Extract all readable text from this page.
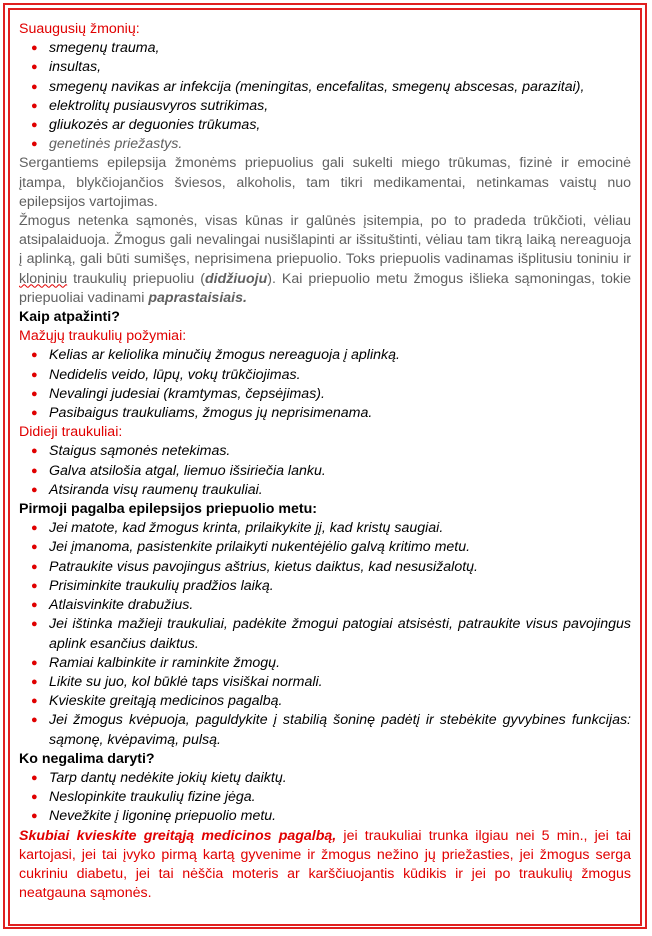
Suaugusių žmonių:

● smegenų trauma,
● insultas,
● smegenų navikas ar infekcija (meningitas, encefalitas, smegenų abscesas, parazitai),
● elektrolitų pusiausvyros sutrikimas,
● gliukozės ar deguonies trūkumas,
● genetinės priežastys.

Sergantiems epilepsija žmonėms priepuolius gali sukelti miego trūkumas, fizinė ir emocinė įtampa, blykčiojančios šviesos, alkoholis, tam tikri medikamentai, netinkamas vaistų nuo epilepsijos vartojimas.

Žmogus netenka sąmonės, visas kūnas ir galūnės įsitempia, po to pradeda trūkčioti, vėliau atsipalaiduoja. Žmogus gali nevalingai nusišlapinti ar išsituštinti, vėliau tam tikrą laiką nereaguoja į aplinką, gali būti sumišęs, neprisimena priepuolio. Toks priepuolis vadinamas išplitusiu toniniu ir kloniniu traukulių priepuoliu (didžiuoju). Kai priepuolio metu žmogus išlieka sąmoningas, tokie priepuoliai vadinami paprastaisiais.

Kaip atpažinti?

Mažųjų traukulių požymiai:

● Kelias ar keliolika minučių žmogus nereaguoja į aplinką.
● Nedidelis veido, lūpų, vokų trūkčiojimas.
● Nevalingi judesiai (kramtymas, čepsėjimas).
● Pasibaigus traukuliams, žmogus jų neprisimenama.

Didieji traukuliai:

● Staigus sąmonės netekimas.
● Galva atsilošia atgal, liemuo išsiriečia lanku.
● Atsiranda visų raumenų traukuliai.

Pirmoji pagalba epilepsijos priepuolio metu:

● Jei matote, kad žmogus krinta, prilaikykite jį, kad kristų saugiai.
● Jei įmanoma, pasistenkite prilaikyti nukentėjėlio galvą kritimo metu.
● Patraukite visus pavojingus aštrius, kietus daiktus, kad nesusižalotų.
● Prisiminkite traukulių pradžios laiką.
● Atlaisvinkite drabužius.
● Jei ištinka mažieji traukuliai, padėkite žmogui patogiai atsisėsti, patraukite visus pavojingus aplink esančius daiktus.
● Ramiai kalbinkite ir raminkite žmogų.
● Likite su juo, kol būklė taps visiškai normali.
● Kvieskite greitąją medicinos pagalbą.
● Jei žmogus kvėpuoja, paguldykite į stabilią šoninę padėtį ir stebėkite gyvybines funkcijas: sąmonę, kvėpavimą, pulsą.

Ko negalima daryti?

● Tarp dantų nedėkite jokių kietų daiktų.
● Neslopinkite traukulių fizine jėga.
● Nevežkite į ligoninę priepuolio metu.

Skubiai kvieskite greitąją medicinos pagalbą, jei traukuliai trunka ilgiau nei 5 min., jei tai kartojasi, jei tai įvyko pirmą kartą gyvenime ir žmogus nežino jų priežasties, jei žmogus serga cukriniu diabetu, jei tai nėščia moteris ar karščiuojantis kūdikis ir jei po traukulių žmogus neatgauna sąmonės.
